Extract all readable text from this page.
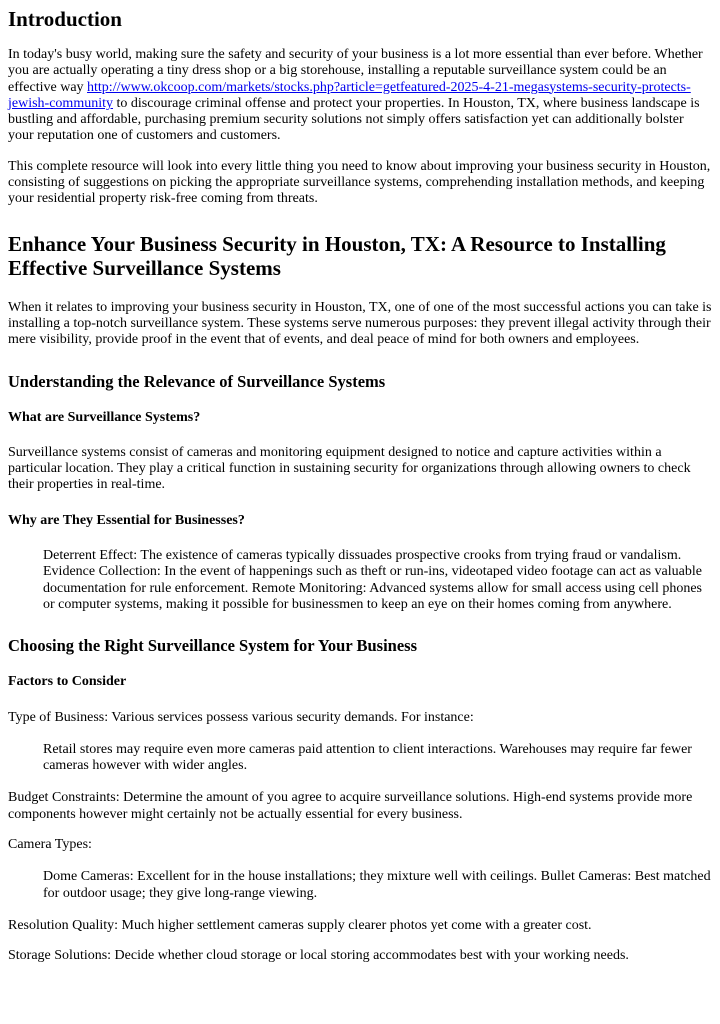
Introduction

In today's busy world, making sure the safety and security of your business is a lot more essential than ever before. Whether you are actually operating a tiny dress shop or a big storehouse, installing a reputable surveillance system could be an effective way http://www.okcoop.com/markets/stocks.php?article=getfeatured-2025-4-21-megasystems-security-protects-jewish-community to discourage criminal offense and protect your properties. In Houston, TX, where business landscape is bustling and affordable, purchasing premium security solutions not simply offers satisfaction yet can additionally bolster your reputation one of customers and customers.

This complete resource will look into every little thing you need to know about improving your business security in Houston, consisting of suggestions on picking the appropriate surveillance systems, comprehending installation methods, and keeping your residential property risk-free coming from threats.

Enhance Your Business Security in Houston, TX: A Resource to Installing Effective Surveillance Systems

When it relates to improving your business security in Houston, TX, one of one of the most successful actions you can take is installing a top-notch surveillance system. These systems serve numerous purposes: they prevent illegal activity through their mere visibility, provide proof in the event that of events, and deal peace of mind for both owners and employees.

Understanding the Relevance of Surveillance Systems
What are Surveillance Systems?

Surveillance systems consist of cameras and monitoring equipment designed to notice and capture activities within a particular location. They play a critical function in sustaining security for organizations through allowing owners to check their properties in real-time.

Why are They Essential for Businesses?
Deterrent Effect: The existence of cameras typically dissuades prospective crooks from trying fraud or vandalism. Evidence Collection: In the event of happenings such as theft or run-ins, videotaped video footage can act as valuable documentation for rule enforcement. Remote Monitoring: Advanced systems allow for small access using cell phones or computer systems, making it possible for businessmen to keep an eye on their homes coming from anywhere.
Choosing the Right Surveillance System for Your Business
Factors to Consider

Type of Business: Various services possess various security demands. For instance:

Retail stores may require even more cameras paid attention to client interactions. Warehouses may require far fewer cameras however with wider angles.

Budget Constraints: Determine the amount of you agree to acquire surveillance solutions. High-end systems provide more components however might certainly not be actually essential for every business.

Camera Types:

Dome Cameras: Excellent for in the house installations; they mixture well with ceilings. Bullet Cameras: Best matched for outdoor usage; they give long-range viewing.

Resolution Quality: Much higher settlement cameras supply clearer photos yet come with a greater cost.

Storage Solutions: Decide whether cloud storage or local storing accommodates best with your working needs.
